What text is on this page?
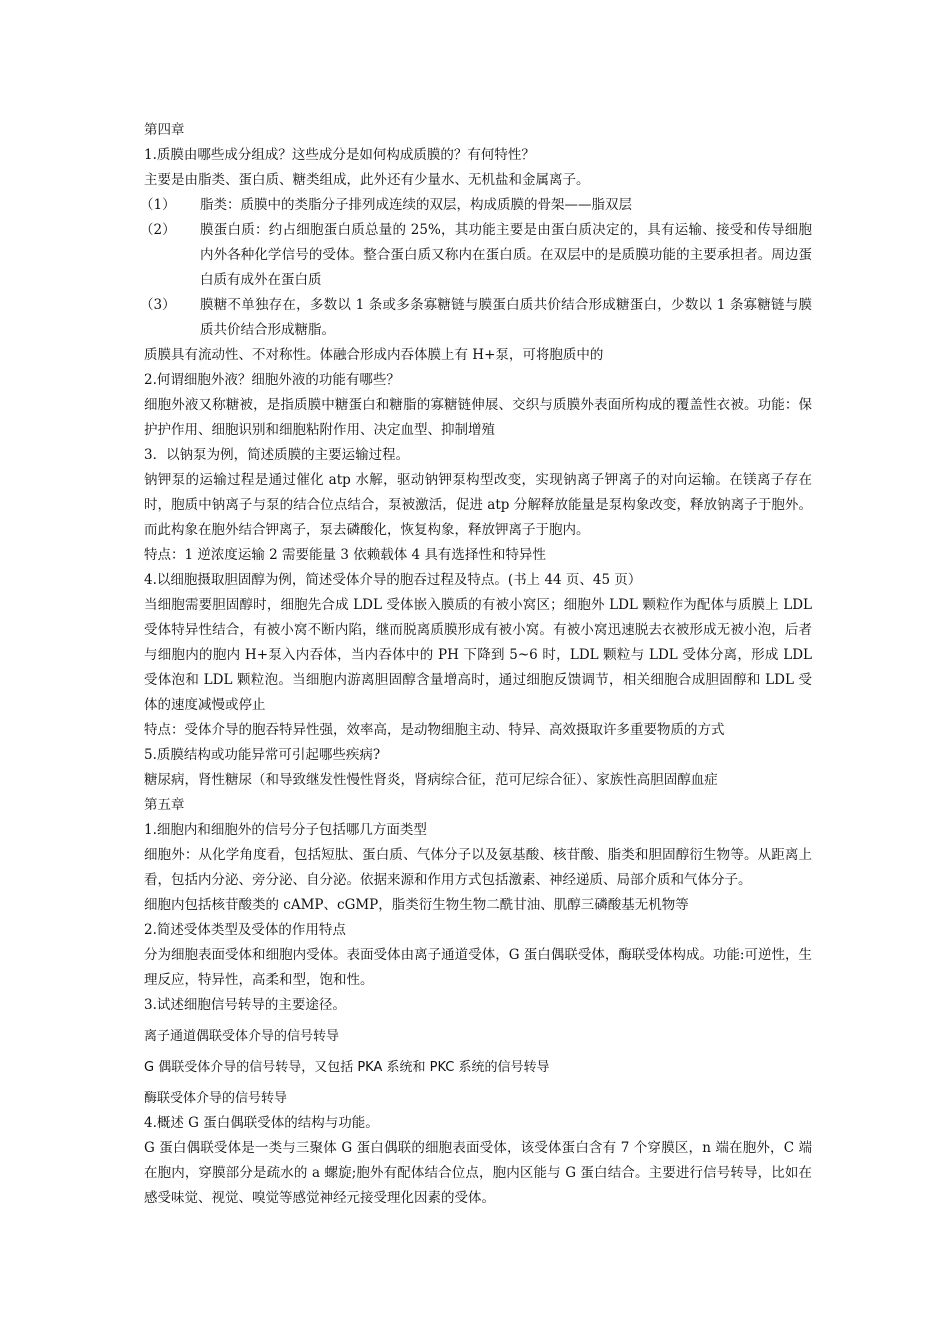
第四章

1.质膜由哪些成分组成？这些成分是如何构成质膜的？有何特性？

主要是由脂类、蛋白质、糖类组成，此外还有少量水、无机盐和金属离子。

（1）	脂类：质膜中的类脂分子排列成连续的双层，构成质膜的骨架——脂双层
（2）	膜蛋白质：约占细胞蛋白质总量的 25%，其功能主要是由蛋白质决定的，具有运输、接受和传导细胞内外各种化学信号的受体。整合蛋白质又称内在蛋白质。在双层中的是质膜功能的主要承担者。周边蛋白质有成外在蛋白质
（3）	膜糖不单独存在，多数以 1 条或多条寡糖链与膜蛋白质共价结合形成糖蛋白，少数以 1 条寡糖链与膜质共价结合形成糖脂。

质膜具有流动性、不对称性。体融合形成内吞体膜上有 H+泵，可将胞质中的

2.何谓细胞外液？细胞外液的功能有哪些？

细胞外液又称糖被，是指质膜中糖蛋白和糖脂的寡糖链伸展、交织与质膜外表面所构成的覆盖性衣被。功能：保护护作用、细胞识别和细胞粘附作用、决定血型、抑制增殖

3．以钠泵为例，简述质膜的主要运输过程。

钠钾泵的运输过程是通过催化 atp 水解，驱动钠钾泵构型改变，实现钠离子钾离子的对向运输。在镁离子存在时，胞质中钠离子与泵的结合位点结合，泵被激活，促进 atp 分解释放能量是泵构象改变，释放钠离子于胞外。而此构象在胞外结合钾离子，泵去磷酸化，恢复构象，释放钾离子于胞内。

特点：1 逆浓度运输 2 需要能量 3 依赖载体 4 具有选择性和特异性

4.以细胞摄取胆固醇为例，简述受体介导的胞吞过程及特点。(书上 44 页、45 页）

当细胞需要胆固醇时，细胞先合成 LDL 受体嵌入膜质的有被小窝区；细胞外 LDL 颗粒作为配体与质膜上 LDL 受体特异性结合，有被小窝不断内陷，继而脱离质膜形成有被小窝。有被小窝迅速脱去衣被形成无被小泡，后者与细胞内的胞内 H+泵入内吞体，当内吞体中的 PH 下降到 5~6 时，LDL 颗粒与 LDL 受体分离，形成 LDL 受体泡和 LDL 颗粒泡。当细胞内游离胆固醇含量增高时，通过细胞反馈调节，相关细胞合成胆固醇和 LDL 受体的速度减慢或停止

特点：受体介导的胞吞特异性强，效率高，是动物细胞主动、特异、高效摄取许多重要物质的方式

5.质膜结构或功能异常可引起哪些疾病?

糖尿病，肾性糖尿（和导致继发性慢性肾炎，肾病综合征，范可尼综合征）、家族性高胆固醇血症

第五章

1.细胞内和细胞外的信号分子包括哪几方面类型

细胞外：从化学角度看，包括短肽、蛋白质、气体分子以及氨基酸、核苷酸、脂类和胆固醇衍生物等。从距离上看，包括内分泌、旁分泌、自分泌。依据来源和作用方式包括激素、神经递质、局部介质和气体分子。

细胞内包括核苷酸类的 cAMP、cGMP，脂类衍生物生物二酰甘油、肌醇三磷酸基无机物等

2.简述受体类型及受体的作用特点

分为细胞表面受体和细胞内受体。表面受体由离子通道受体，G 蛋白偶联受体，酶联受体构成。功能:可逆性，生理反应，特异性，高柔和型，饱和性。

3.试述细胞信号转导的主要途径。

离子通道偶联受体介导的信号转导

G 偶联受体介导的信号转导，又包括 PKA 系统和 PKC 系统的信号转导

酶联受体介导的信号转导

4.概述 G 蛋白偶联受体的结构与功能。

G 蛋白偶联受体是一类与三聚体 G 蛋白偶联的细胞表面受体，该受体蛋白含有 7 个穿膜区，n 端在胞外，C 端在胞内，穿膜部分是疏水的 a 螺旋;胞外有配体结合位点，胞内区能与 G 蛋白结合。主要进行信号转导，比如在感受味觉、视觉、嗅觉等感觉神经元接受理化因素的受体。
